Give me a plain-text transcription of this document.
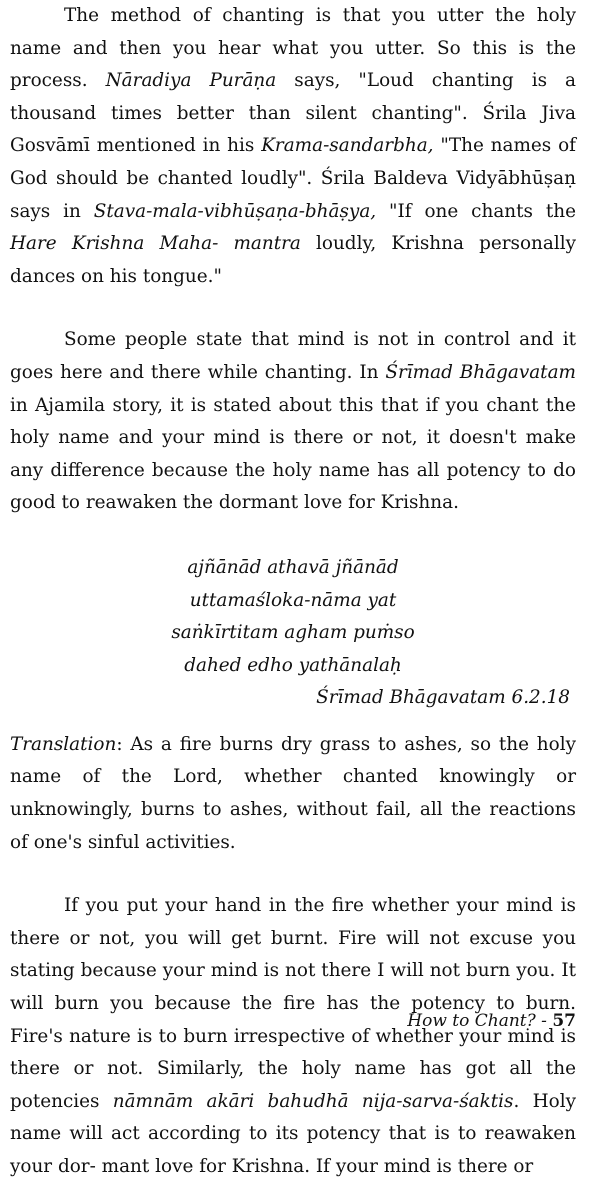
The method of chanting is that you utter the holy name and then you hear what you utter. So this is the process. Nāradiya Purāṇa says, "Loud chanting is a thousand times better than silent chanting". Śrila Jiva Gosvāmī mentioned in his Krama-sandarbha, "The names of God should be chanted loudly". Śrila Baldeva Vidyābhūṣaṇ says in Stava-mala-vibhūṣaṇa-bhāṣya, "If one chants the Hare Krishna Maha- mantra loudly, Krishna personally dances on his tongue."

Some people state that mind is not in control and it goes here and there while chanting. In Śrīmad Bhāgavatam in Ajamila story, it is stated about this that if you chant the holy name and your mind is there or not, it doesn't make any difference because the holy name has all potency to do good to reawaken the dormant love for Krishna.

ajñānād athavā jñānād
uttamaśloka-nāma yat
saṅkīrtitam agham puṁso
dahed edho yathānalaḥ
Śrīmad Bhāgavatam 6.2.18

Translation: As a fire burns dry grass to ashes, so the holy name of the Lord, whether chanted knowingly or unknowingly, burns to ashes, without fail, all the reactions of one's sinful activities.

If you put your hand in the fire whether your mind is there or not, you will get burnt. Fire will not excuse you stating because your mind is not there I will not burn you. It will burn you because the fire has the potency to burn. Fire's nature is to burn irrespective of whether your mind is there or not. Similarly, the holy name has got all the potencies nāmnām akāri bahudhā nija-sarva-śaktis. Holy name will act according to its potency that is to reawaken your dor- mant love for Krishna. If your mind is there or

How to Chant? - 57
